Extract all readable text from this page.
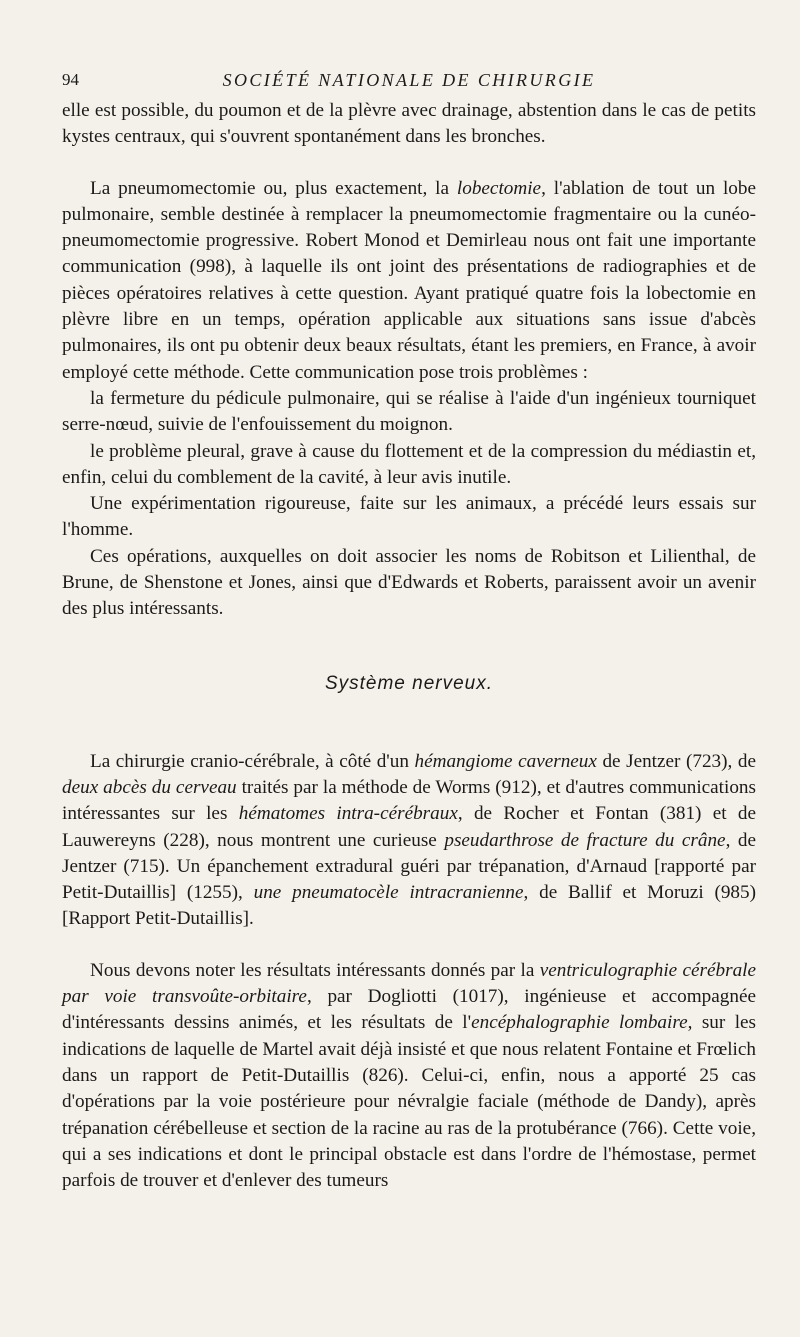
94	SOCIÉTÉ NATIONALE DE CHIRURGIE

elle est possible, du poumon et de la plèvre avec drainage, abstention dans le cas de petits kystes centraux, qui s'ouvrent spontanément dans les bronches.

La pneumomectomie ou, plus exactement, la lobectomie, l'ablation de tout un lobe pulmonaire, semble destinée à remplacer la pneumomectomie fragmentaire ou la cunéo-pneumomectomie progressive. Robert Monod et Demirleau nous ont fait une importante communication (998), à laquelle ils ont joint des présentations de radiographies et de pièces opératoires relatives à cette question. Ayant pratiqué quatre fois la lobectomie en plèvre libre en un temps, opération applicable aux situations sans issue d'abcès pulmonaires, ils ont pu obtenir deux beaux résultats, étant les premiers, en France, à avoir employé cette méthode. Cette communication pose trois problèmes :

la fermeture du pédicule pulmonaire, qui se réalise à l'aide d'un ingénieux tourniquet serre-nœud, suivie de l'enfouissement du moignon.

le problème pleural, grave à cause du flottement et de la compression du médiastin et, enfin, celui du comblement de la cavité, à leur avis inutile.

Une expérimentation rigoureuse, faite sur les animaux, a précédé leurs essais sur l'homme.

Ces opérations, auxquelles on doit associer les noms de Robitson et Lilienthal, de Brune, de Shenstone et Jones, ainsi que d'Edwards et Roberts, paraissent avoir un avenir des plus intéressants.

Système nerveux.

La chirurgie cranio-cérébrale, à côté d'un hémangiome caverneux de Jentzer (723), de deux abcès du cerveau traités par la méthode de Worms (912), et d'autres communications intéressantes sur les hématomes intra-cérébraux, de Rocher et Fontan (381) et de Lauwereyns (228), nous montrent une curieuse pseudarthrose de fracture du crâne, de Jentzer (715). Un épanchement extradural guéri par trépanation, d'Arnaud [rapporté par Petit-Dutaillis] (1255), une pneumatocèle intracranienne, de Ballif et Moruzi (985) [Rapport Petit-Dutaillis].

Nous devons noter les résultats intéressants donnés par la ventriculographie cérébrale par voie transvoûte-orbitaire, par Dogliotti (1017), ingénieuse et accompagnée d'intéressants dessins animés, et les résultats de l'encéphalographie lombaire, sur les indications de laquelle de Martel avait déjà insisté et que nous relatent Fontaine et Frœlich dans un rapport de Petit-Dutaillis (826). Celui-ci, enfin, nous a apporté 25 cas d'opérations par la voie postérieure pour névralgie faciale (méthode de Dandy), après trépanation cérébelleuse et section de la racine au ras de la protubérance (766). Cette voie, qui a ses indications et dont le principal obstacle est dans l'ordre de l'hémostase, permet parfois de trouver et d'enlever des tumeurs
